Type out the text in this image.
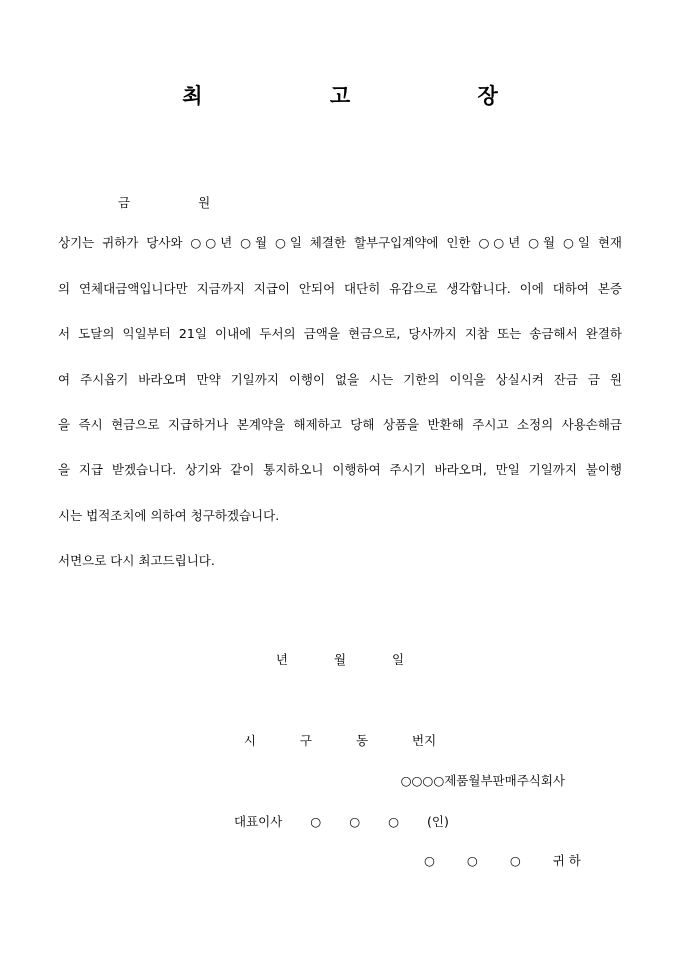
최 고 장
금	원
상기는 귀하가 당사와 ○○년 ○월 ○일 체결한 할부구입계약에 인한 ○○년 ○월 ○일 현재
의 연체대금액입니다만 지금까지 지급이 안되어 대단히 유감으로 생각합니다. 이에 대하여 본증
서 도달의 익일부터 21일 이내에 두서의 금액을 현금으로, 당사까지 지참 또는 송금해서 완결하
여 주시옵기 바라오며 만약 기일까지 이행이 없을 시는 기한의 이익을 상실시켜 잔금 금 원
을 즉시 현금으로 지급하거나 본계약을 해제하고 당해 상품을 반환해 주시고 소정의 사용손해금
을 지급 받겠습니다. 상기와 같이 통지하오니 이행하여 주시기 바라오며, 만일 기일까지 불이행
시는 법적조치에 의하여 청구하겠습니다.
서면으로 다시 최고드립니다.
년	월	일
시	구	동	번지
○○○○제품월부판매주식회사
대표이사 ○ ○ ○ (인)
○	○	○	귀 하
